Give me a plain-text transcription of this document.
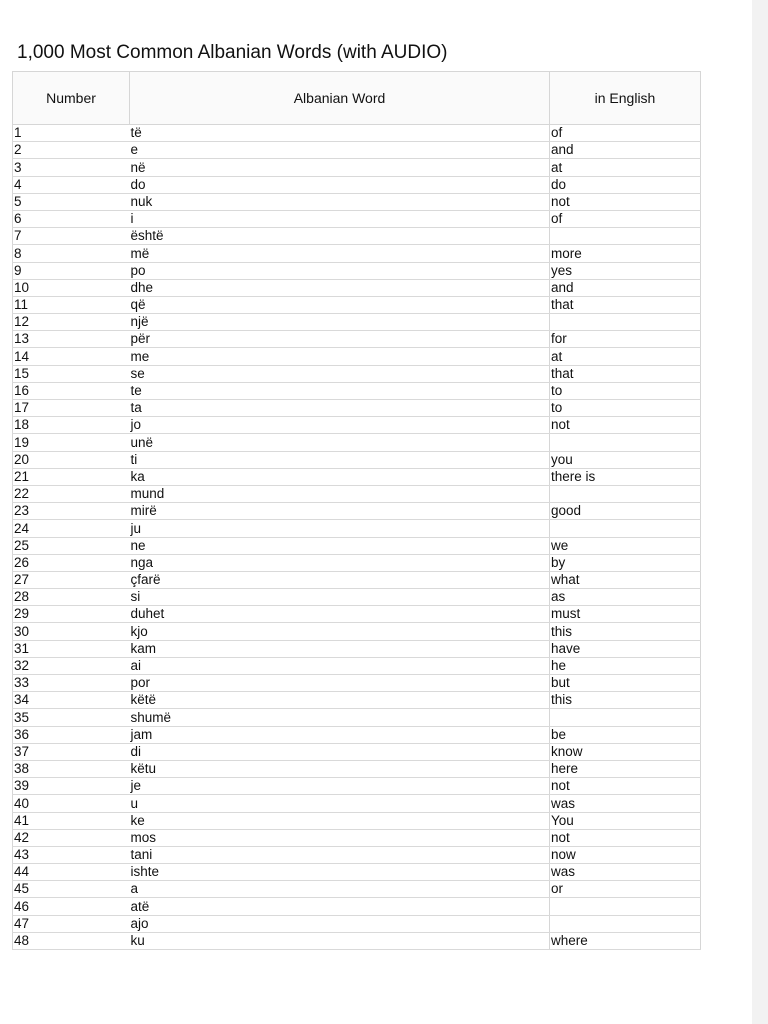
1,000 Most Common Albanian Words (with AUDIO)
Number	Albanian Word	in English
1	të	of
2	e	and
3	në	at
4	do	do
5	nuk	not
6	i	of
7	është	
8	më	more
9	po	yes
10	dhe	and
11	që	that
12	një	
13	për	for
14	me	at
15	se	that
16	te	to
17	ta	to
18	jo	not
19	unë	
20	ti	you
21	ka	there is
22	mund	
23	mirë	good
24	ju	
25	ne	we
26	nga	by
27	çfarë	what
28	si	as
29	duhet	must
30	kjo	this
31	kam	have
32	ai	he
33	por	but
34	këtë	this
35	shumë	
36	jam	be
37	di	know
38	këtu	here
39	je	not
40	u	was
41	ke	You
42	mos	not
43	tani	now
44	ishte	was
45	a	or
46	atë	
47	ajo	
48	ku	where
